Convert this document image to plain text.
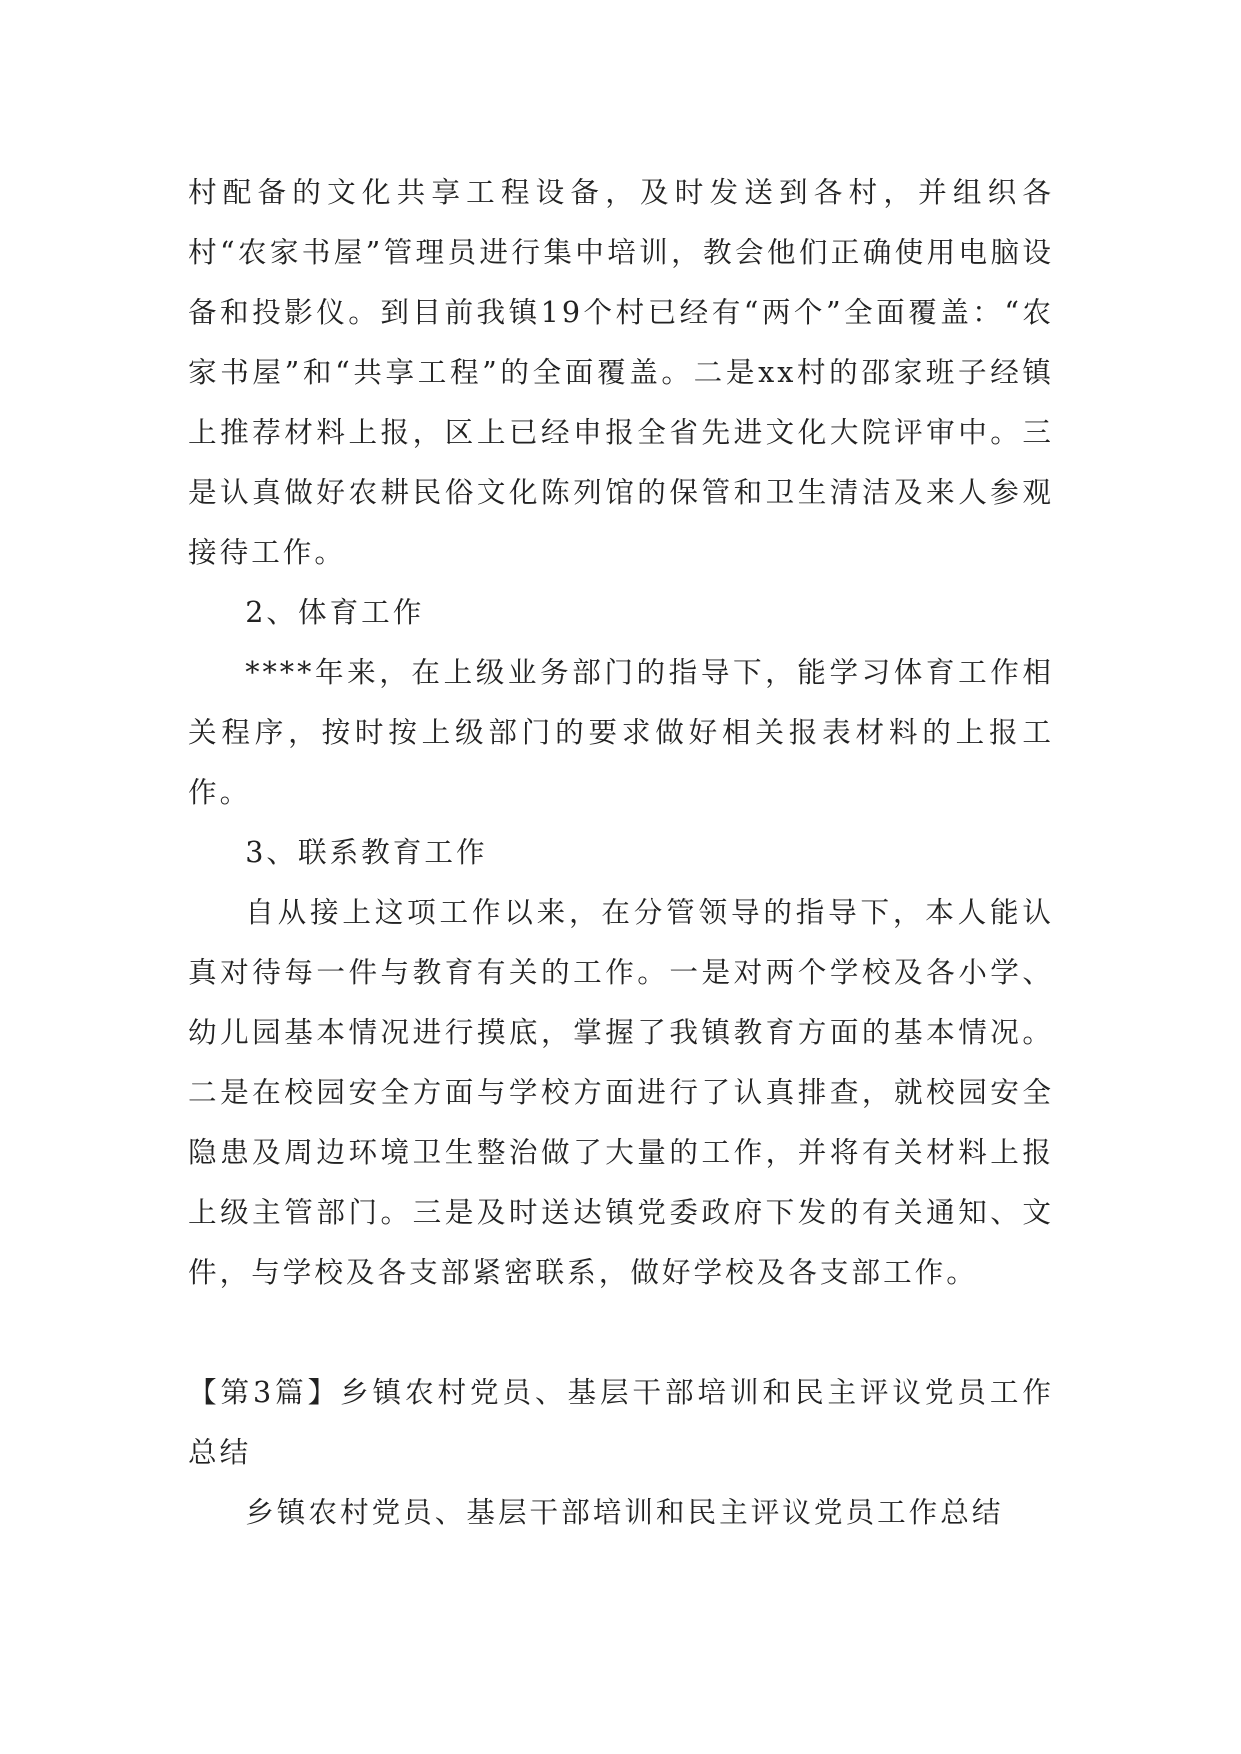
村配备的文化共享工程设备，及时发送到各村，并组织各村“农家书屋”管理员进行集中培训，教会他们正确使用电脑设备和投影仪。到目前我镇19个村已经有“两个”全面覆盖：“农家书屋”和“共享工程”的全面覆盖。二是xx村的邵家班子经镇上推荐材料上报，区上已经申报全省先进文化大院评审中。三是认真做好农耕民俗文化陈列馆的保管和卫生清洁及来人参观接待工作。

2、体育工作

****年来，在上级业务部门的指导下，能学习体育工作相关程序，按时按上级部门的要求做好相关报表材料的上报工作。

3、联系教育工作

自从接上这项工作以来，在分管领导的指导下，本人能认真对待每一件与教育有关的工作。一是对两个学校及各小学、幼儿园基本情况进行摸底，掌握了我镇教育方面的基本情况。二是在校园安全方面与学校方面进行了认真排查，就校园安全隐患及周边环境卫生整治做了大量的工作，并将有关材料上报上级主管部门。三是及时送达镇党委政府下发的有关通知、文件，与学校及各支部紧密联系，做好学校及各支部工作。

【第3篇】乡镇农村党员、基层干部培训和民主评议党员工作总结

乡镇农村党员、基层干部培训和民主评议党员工作总结
